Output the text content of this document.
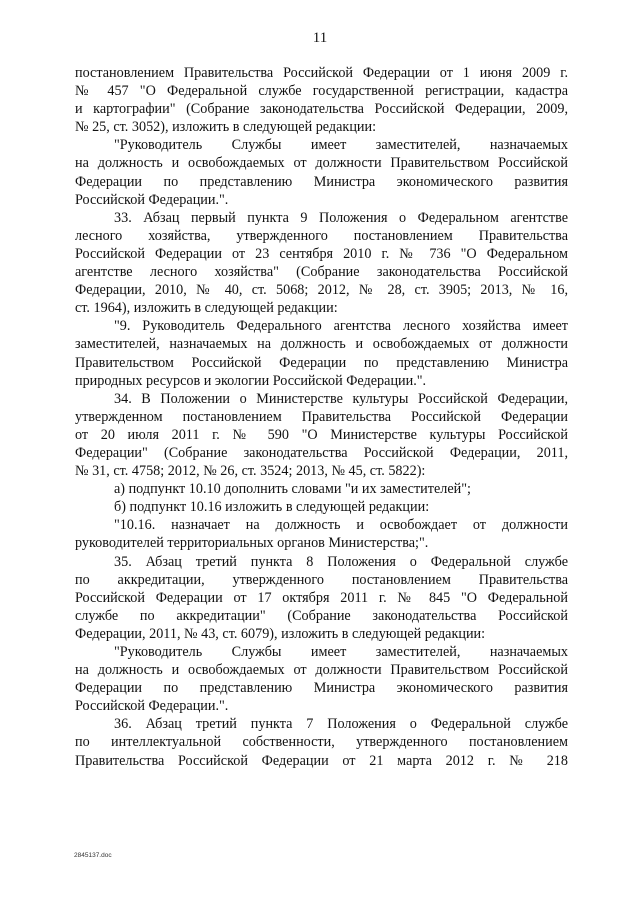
11
постановлением Правительства Российской Федерации от 1 июня 2009 г.
№ 457 "О Федеральной службе государственной регистрации, кадастра
и картографии" (Собрание законодательства Российской Федерации, 2009,
№ 25, ст. 3052), изложить в следующей редакции:
"Руководитель Службы имеет заместителей, назначаемых
на должность и освобождаемых от должности Правительством Российской
Федерации по представлению Министра экономического развития
Российской Федерации.".
33. Абзац первый пункта 9 Положения о Федеральном агентстве
лесного хозяйства, утвержденного постановлением Правительства
Российской Федерации от 23 сентября 2010 г. № 736 "О Федеральном
агентстве лесного хозяйства" (Собрание законодательства Российской
Федерации, 2010, № 40, ст. 5068; 2012, № 28, ст. 3905; 2013, № 16,
ст. 1964), изложить в следующей редакции:
"9. Руководитель Федерального агентства лесного хозяйства имеет
заместителей, назначаемых на должность и освобождаемых от должности
Правительством Российской Федерации по представлению Министра
природных ресурсов и экологии Российской Федерации.".
34. В Положении о Министерстве культуры Российской Федерации,
утвержденном постановлением Правительства Российской Федерации
от 20 июля 2011 г. № 590 "О Министерстве культуры Российской
Федерации" (Собрание законодательства Российской Федерации, 2011,
№ 31, ст. 4758; 2012, № 26, ст. 3524; 2013, № 45, ст. 5822):
а) подпункт 10.10 дополнить словами "и их заместителей";
б) подпункт 10.16 изложить в следующей редакции:
"10.16. назначает на должность и освобождает от должности
руководителей территориальных органов Министерства;".
35. Абзац третий пункта 8 Положения о Федеральной службе
по аккредитации, утвержденного постановлением Правительства
Российской Федерации от 17 октября 2011 г. № 845 "О Федеральной
службе по аккредитации" (Собрание законодательства Российской
Федерации, 2011, № 43, ст. 6079), изложить в следующей редакции:
"Руководитель Службы имеет заместителей, назначаемых
на должность и освобождаемых от должности Правительством Российской
Федерации по представлению Министра экономического развития
Российской Федерации.".
36. Абзац третий пункта 7 Положения о Федеральной службе
по интеллектуальной собственности, утвержденного постановлением
Правительства Российской Федерации от 21 марта 2012 г. № 218
2845137.doc
